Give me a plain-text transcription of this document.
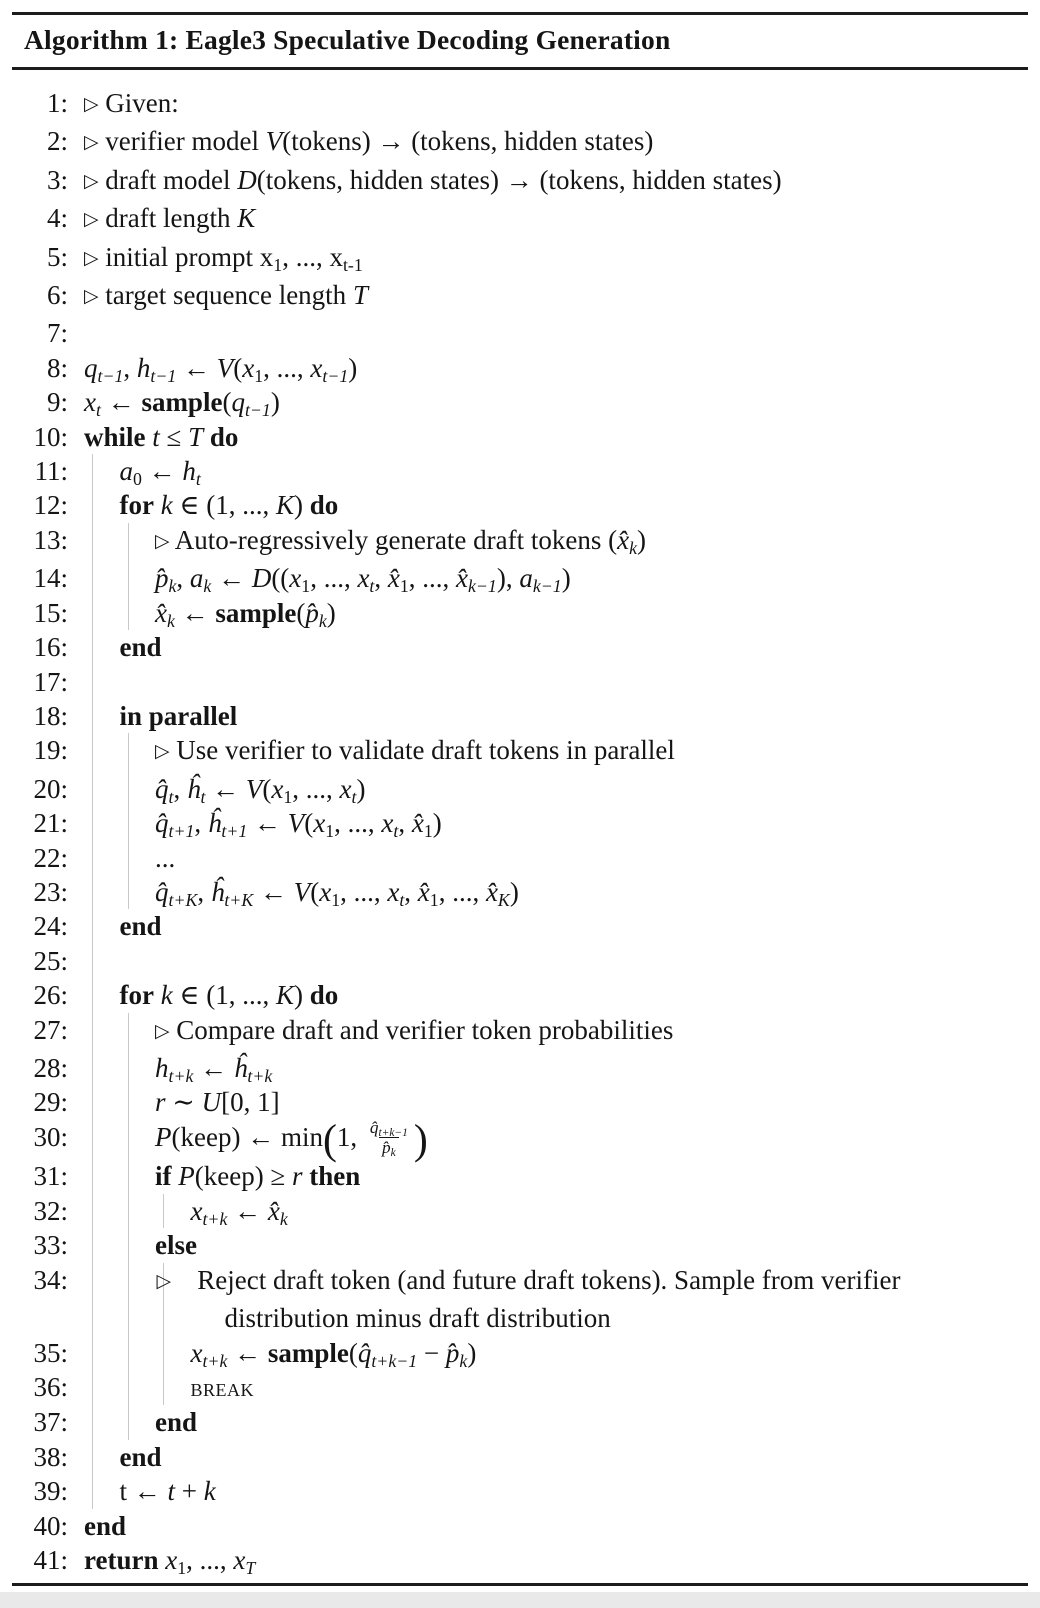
Algorithm 1: Eagle3 Speculative Decoding Generation
1: ▷ Given:
2: ▷ verifier model V(tokens) → (tokens, hidden states)
3: ▷ draft model D(tokens, hidden states) → (tokens, hidden states)
4: ▷ draft length K
5: ▷ initial prompt $x_1$, ..., $x_{t-1}$
6: ▷ target sequence length T
7:
8: $q_{t-1}$, $h_{t-1}$ ← $V(x_1$, ..., $x_{t-1}$)
9: $x_t$ ← $sample(q_{t-1})$
10: while t ≤ T do
11: $a_0$ ← $h_t$
12: for k ∈ (1, ..., K) do
13:	▷ Auto-regressively generate draft tokens $(x̂_k)$
14:	$p̂_k$, $a_k$ ← $D((x_1$, ..., $x_t$, $x̂_1$, ..., $x̂_{k-1}$), $a_{k-1}$)
15:	$x̂_k$ ← $sample(p̂_k)$
16: end
17:
18: in parallel
19:	▷ Use verifier to validate draft tokens in parallel
20:	$q̂_t$, $ĥ_t$ ← $V(x_1$, ..., $x_t$)
21:	$q̂_{t+1}$, $ĥ_{t+1}$ ← $V(x_1$, ..., $x_t$, $x̂_1$)
22:	...
23:	$q̂_{t+K}$, $ĥ_{t+K}$ ← $V(x_1$, ..., $x_t$, $x̂_1$, ..., $x̂_K$)
24: end
25:
26: for k ∈ (1, ..., K) do
27:	▷ Compare draft and verifier token probabilities
28:	$h_{t+k}$ ← $ĥ_{t+k}$
29:	r ∼ U[0, 1]
30:	P(keep) ← min(1, $\frac{q̂_{t+k-1}}{p̂_k}$ )
31:	if P(keep) ≥ r then
32:	$x_{t+k}$ ← $x̂_k$
33:	else
34:	▷ Reject draft token (and future draft tokens). Sample from verifier distribution minus draft distribution
35:	$x_{t+k}$ ← $sample(q̂_{t+k-1}$ − $p̂_k$)
36:	break
37:	end
38: end
39: t ← t + k
40: end
41: return $x_1$, ..., $x_T$
